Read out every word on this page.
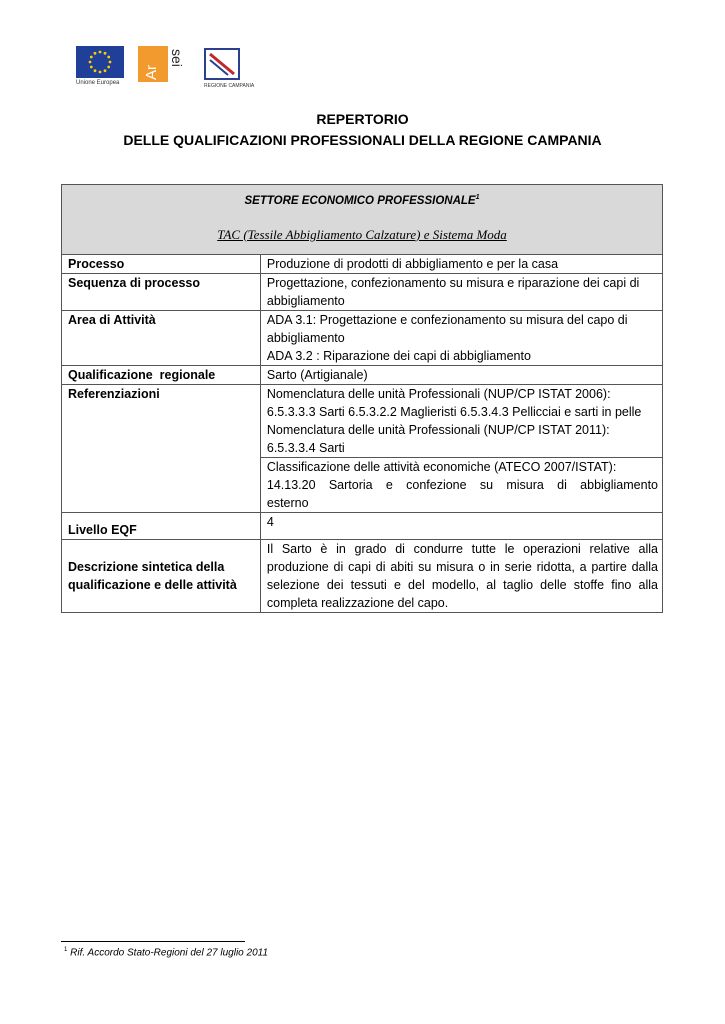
Unione Europea
Ar
sei
REGIONE CAMPANIA
REPERTORIO
DELLE QUALIFICAZIONI PROFESSIONALI DELLA REGIONE CAMPANIA
SETTORE ECONOMICO PROFESSIONALE$^1$
TAC (Tessile Abbigliamento Calzature) e Sistema Moda	

Processo	Produzione di prodotti di abbigliamento e per la casa
Sequenza di processo	Progettazione, confezionamento su misura e riparazione dei capi di abbigliamento
Area di Attività	ADA 3.1: Progettazione e confezionamento su misura del capo di abbigliamento
ADA 3.2 : Riparazione dei capi di abbigliamento

Qualificazione  regionale	Sarto (Artigianale)
Referenziazioni	Nomenclatura delle unità Professionali (NUP/CP ISTAT 2006):
6.5.3.3.3 Sarti 6.5.3.2.2 Maglieristi 6.5.3.4.3 Pellicciai e sarti in pelle
Nomenclatura delle unità Professionali (NUP/CP ISTAT 2011):
6.5.3.3.4 Sarti

	Classificazione delle attività economiche (ATECO 2007/ISTAT):
14.13.20  Sartoria  e  confezione  su  misura  di  abbigliamento esterno

Livello EQF	4

Descrizione sintetica della
qualificazione e delle attività	Il Sarto è in grado di condurre tutte le operazioni relative alla produzione di capi di abiti su misura o in serie ridotta, a partire dalla selezione dei tessuti e del modello, al taglio delle stoffe fino alla completa realizzazione del capo.
$^1$ Rif. Accordo Stato-Regioni del 27 luglio 2011
